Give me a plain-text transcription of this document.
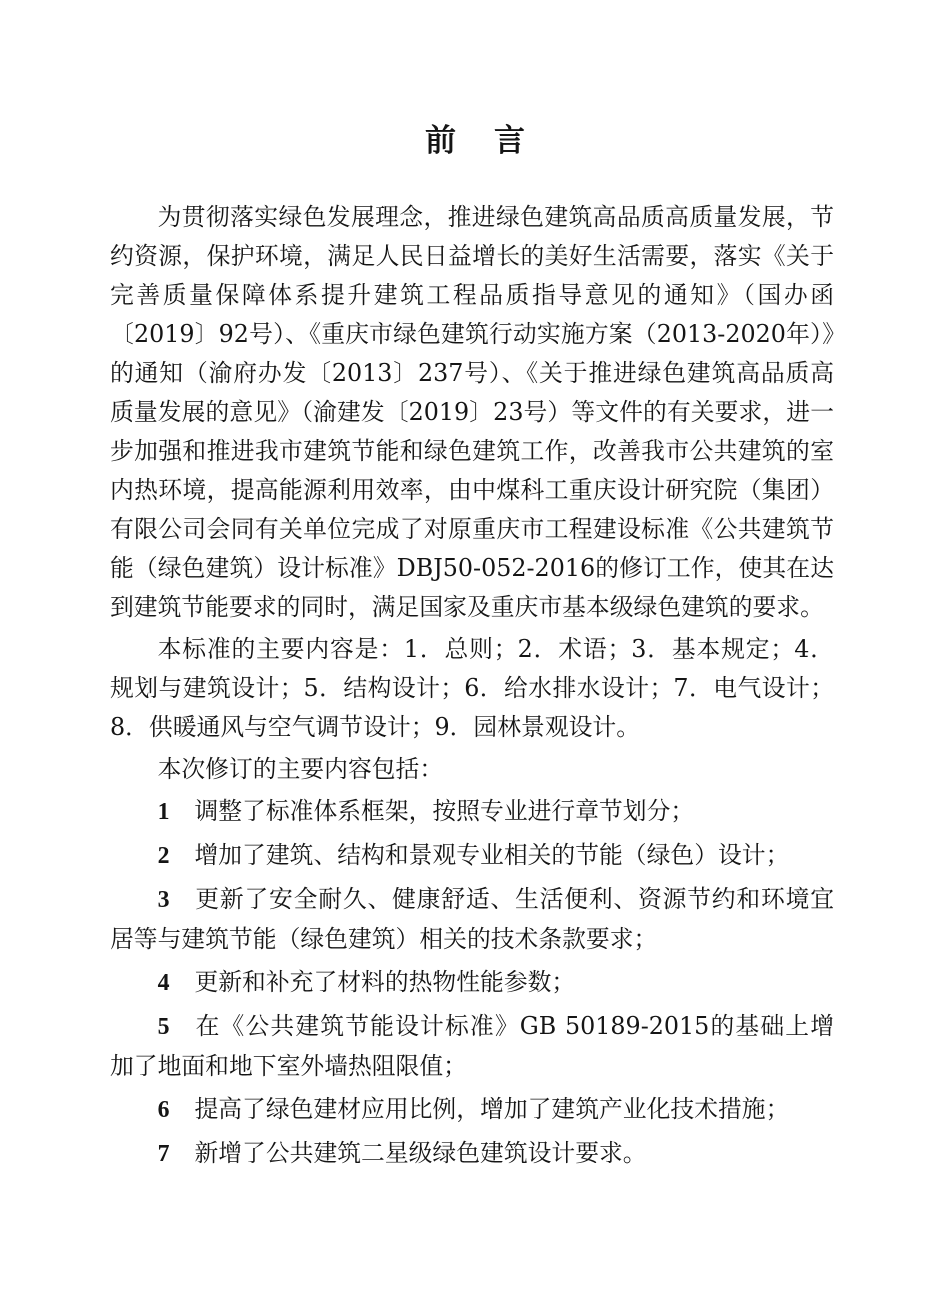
前言

为贯彻落实绿色发展理念，推进绿色建筑高品质高质量发展，节约资源，保护环境，满足人民日益增长的美好生活需要，落实《关于完善质量保障体系提升建筑工程品质指导意见的通知》（国办函〔2019〕92号）、《重庆市绿色建筑行动实施方案（2013-2020年）》的通知（渝府办发〔2013〕237号）、《关于推进绿色建筑高品质高质量发展的意见》（渝建发〔2019〕23号）等文件的有关要求，进一步加强和推进我市建筑节能和绿色建筑工作，改善我市公共建筑的室内热环境，提高能源利用效率，由中煤科工重庆设计研究院（集团）有限公司会同有关单位完成了对原重庆市工程建设标准《公共建筑节能（绿色建筑）设计标准》DBJ50-052-2016的修订工作，使其在达到建筑节能要求的同时，满足国家及重庆市基本级绿色建筑的要求。

本标准的主要内容是：1．总则；2．术语；3．基本规定；4．规划与建筑设计；5．结构设计；6．给水排水设计；7．电气设计；8．供暖通风与空气调节设计；9．园林景观设计。

本次修订的主要内容包括：

1 调整了标准体系框架，按照专业进行章节划分；

2 增加了建筑、结构和景观专业相关的节能（绿色）设计；

3 更新了安全耐久、健康舒适、生活便利、资源节约和环境宜居等与建筑节能（绿色建筑）相关的技术条款要求；

4 更新和补充了材料的热物性能参数；

5 在《公共建筑节能设计标准》GB 50189-2015的基础上增加了地面和地下室外墙热阻限值；

6 提高了绿色建材应用比例，增加了建筑产业化技术措施；

7 新增了公共建筑二星级绿色建筑设计要求。
